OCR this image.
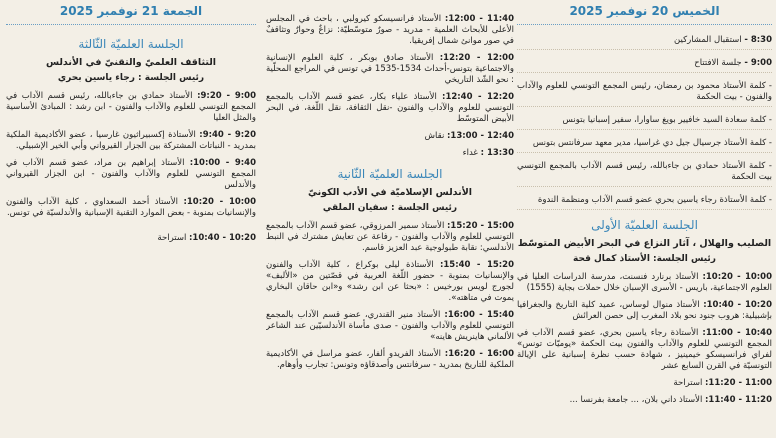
الخميس 20 نوفمبر 2025
8:30 - استقبال المشاركين
9:00 - جلسة الافتتاح
- كلمة الأستاذ محمود بن رمضان، رئيس المجمع التونسي للعلوم والآداب والفنون - بيت الحكمة
- كلمة سعادة السيد خافيير بويغ ساوارا، سفير إسبانيا بتونس
- كلمة الأستاذ جرسيال جيل دي غراسيا، مدير معهد سرفانتس بتونس
- كلمة الأستاذ حمادي بن جاءبالله، رئيس قسم الآداب بالمجمع التونسي بيت الحكمة
- كلمة الأستاذة رجاء ياسين بحري عضو قسم الآداب ومنظمة الندوة
الجلسة العلميّة الأولى
الصليب والهلال ، آثار النزاع في البحر الأبيض المتوسّط
رئيس الجلسة: الأستاذ كمال قحة
10:00 - 10:20: الأستاذ برنارد فنسنت، مدرسة الدراسات العليا في العلوم الاجتماعية، باريس - الأسرى الإسبان خلال حملات بجاية (1555)
10:20 - 10:40: الأستاذ منوال لوساس، عميد كلية التاريخ والجغرافيا بإشبيلية: هروب جنود نحو بلاد المغرب إلى حصن العرائش
10:40 - 11:00: الأستاذة رجاء ياسين بحري، عضو قسم الآداب في المجمع التونسي للعلوم والآداب والفنون بيت الحكمة «يوميّات تونس» لفراي فرانسيسكو خيمينيز ، شهادة حسب نظرة إسبانية على الإيالة التونسيّة في القرن السابع عشر
11:00 - 11:20: استراحة
11:20 - 11:40: الأستاذ داني بلان، ... جامعة بفرنسا ...
11:40 - 12:00: الأستاذ فرانسيسكو كيرولبي ، باحث في المجلس الأعلى للأبحاث العلمية - مدريد - صورٌ متوسّطيّة: نزاعٌ وحوارٌ وتثاقفٌ في صور موانئ شمال إفريقيا.
12:00 - 12:20: الأستاذ صادق بوبكر ، كلية العلوم الإنسانية والاجتماعية بتونس-أحداث 1534-1535 في تونس في المراجع المحلّية : نحو الشّذ التاريخي
12:20 - 12:40: الأستاذ علياء بكار، عضو قسم الآداب بالمجمع التونسي للعلوم والآداب والفنون -نقل الثقافة، نقل اللّغة، في البحر الأبيض المتوسّط
12:40 - 13:00: نقاش
13:30 : غداء
الجلسة العلميّة الثّانية
الأندلس الإسلاميّة في الأدب الكونيّ
رئيس الجلسة : سفيان الملقي
15:00 - 15:20: الأستاذ سمير المرزوقي، عضو قسم الآداب بالمجمع التونسي للعلوم والآداب والفنون - رفاعة عن تعايش مشترك في النبط الأندلسي: نقابة طبولوجية عبد العزيز قاسم.
15:20 - 15:40: الأستاذة ليلى بوكراع ، كلية الآداب والفنون والإنسانيات بمنوبة - حضور اللّغة العربية في قصّتين من «الألبف» لجورج لويس بورخيس : «بحثا عن ابن رشد» و«ابن حاقان البخاري يموت في متاهته».
15:40 - 16:00: الأستاذ منير القندري، عضو قسم الآداب بالمجمع التونسي للعلوم والآداب والفنون - صدى مأساة الأندلسيّين عند الشاعر الألماني هاينريش هاينه»
16:00 - 16:20: الأستاذ الفريدو ألفار، عضو مراسل في الأكاديمية الملكية للتاريخ بمدريد - سرفانتس وأصدقاؤه وتونس: تجارب وأوهام.
الجمعة 21 نوفمبر 2025
الجلسة العلميّة الثّالثة
التثاقف العلميّ والتقنيّ في الأندلس
رئيس الجلسة : رجاء ياسين بحري
9:00 - 9:20: الأستاذ حمادي بن جاءبالله، رئيس قسم الآداب في المجمع التونسي للعلوم والآداب والفنون - ابن رشد : المبادئ الأساسية والمثل العليا
9:20 - 9:40: الأستاذة إكسبيراثيون غارسيا ، عضو الأكاديمية الملكية بمدريد - النباتات المشتركة بين الجزار القيرواني وأبي الخير الإشبيلي.
9:40 - 10:00: الأستاذ إبراهيم بن مراد، عضو قسم الآداب في المجمع التونسي للعلوم والآداب والفنون - ابن الجزار القيرواني والأندلس
10:00 - 10:20: الأستاذ أحمد السعداوي ، كلية الآداب والفنون والإنسانيات بمنوبة - بعض الموارد التقنية الإسبانية والأندلسيّة في تونس.
10:20 - 10:40: استراحة
